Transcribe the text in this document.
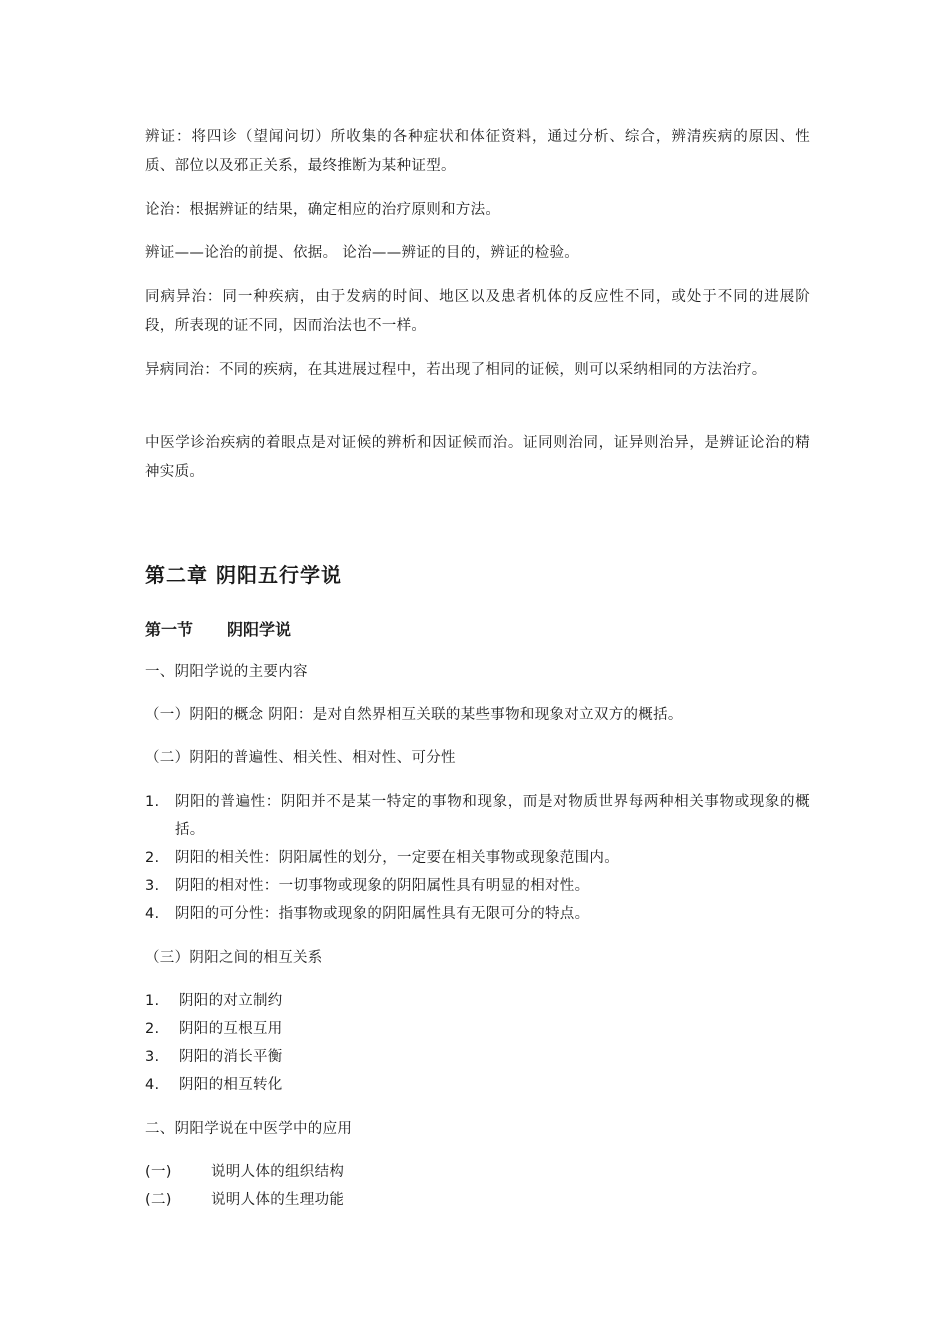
辨证：将四诊（望闻问切）所收集的各种症状和体征资料，通过分析、综合，辨清疾病的原因、性质、部位以及邪正关系，最终推断为某种证型。

论治：根据辨证的结果，确定相应的治疗原则和方法。

辨证——论治的前提、依据。 论治——辨证的目的，辨证的检验。

同病异治：同一种疾病，由于发病的时间、地区以及患者机体的反应性不同，或处于不同的进展阶段，所表现的证不同，因而治法也不一样。

异病同治：不同的疾病，在其进展过程中，若出现了相同的证候，则可以采纳相同的方法治疗。

中医学诊治疾病的着眼点是对证候的辨析和因证候而治。证同则治同，证异则治异，是辨证论治的精神实质。

第二章 阴阳五行学说
第一节 阴阳学说

一、阴阳学说的主要内容

（一）阴阳的概念 阴阳：是对自然界相互关联的某些事物和现象对立双方的概括。

（二）阴阳的普遍性、相关性、相对性、可分性

1.	阴阳的普遍性：阴阳并不是某一特定的事物和现象，而是对物质世界每两种相关事物或现象的概括。
2.	阴阳的相关性：阴阳属性的划分，一定要在相关事物或现象范围内。
3.	阴阳的相对性：一切事物或现象的阴阳属性具有明显的相对性。
4.	阴阳的可分性：指事物或现象的阴阳属性具有无限可分的特点。

（三）阴阳之间的相互关系

1.	阴阳的对立制约
2.	阴阳的互根互用
3.	阴阳的消长平衡
4.	阴阳的相互转化

二、阴阳学说在中医学中的应用

(一)	说明人体的组织结构
(二)	说明人体的生理功能
